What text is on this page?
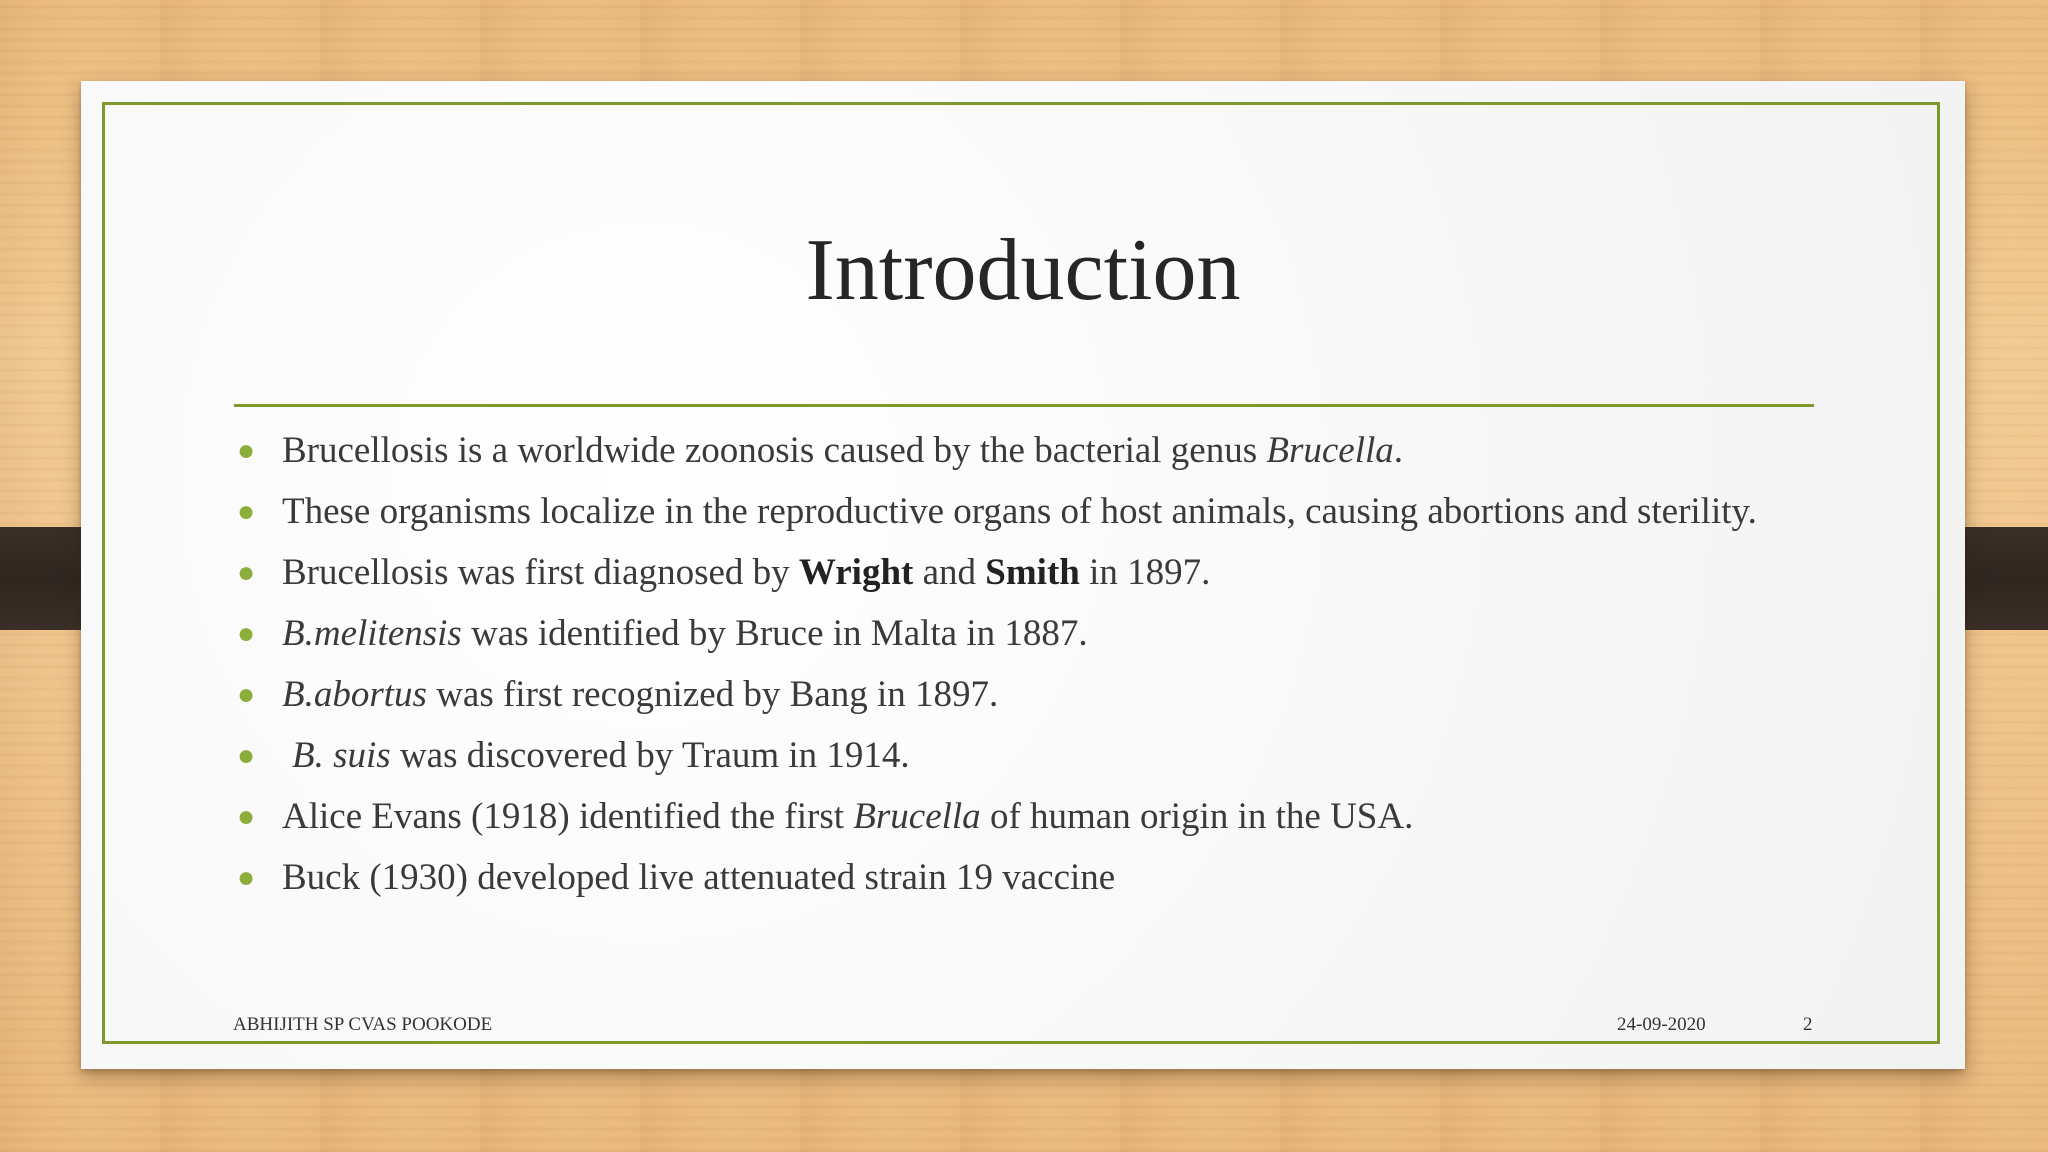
Introduction
● Brucellosis is a worldwide zoonosis caused by the bacterial genus Brucella.
● These organisms localize in the reproductive organs of host animals, causing abortions and sterility.
● Brucellosis was first diagnosed by Wright and Smith in 1897.
● B.melitensis was identified by Bruce in Malta in 1887.
● B.abortus was first recognized by Bang in 1897.
● B. suis was discovered by Traum in 1914.
● Alice Evans (1918) identified the first Brucella of human origin in the USA.
● Buck (1930) developed live attenuated strain 19 vaccine
ABHIJITH SP CVAS POOKODE	24-09-2020	2
